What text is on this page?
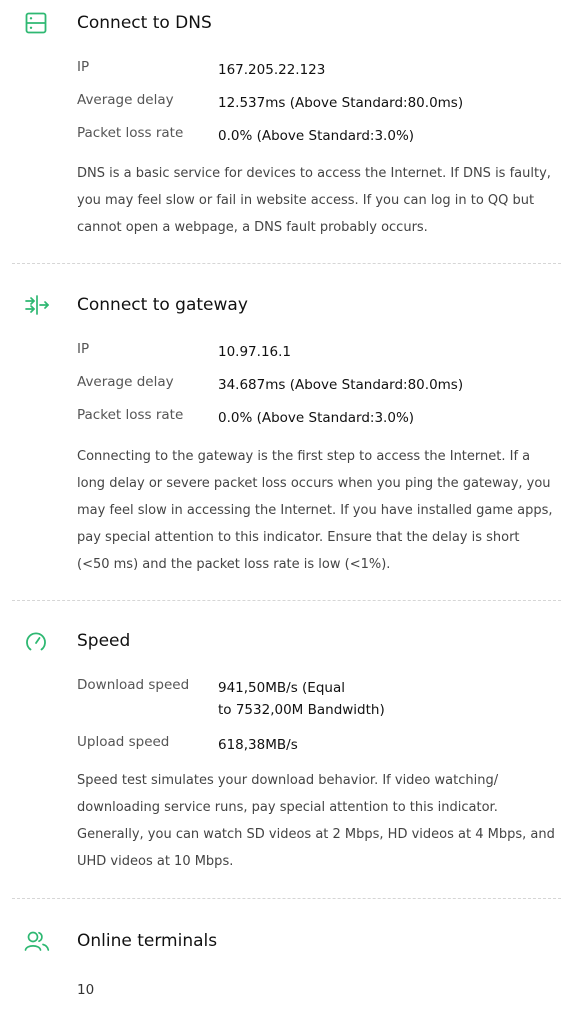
Connect to DNS
IP	167.205.22.123
Average delay	12.537ms (Above Standard:80.0ms)
Packet loss rate	0.0% (Above Standard:3.0%)
DNS is a basic service for devices to access the Internet. If DNS is faulty, you may feel slow or fail in website access. If you can log in to QQ but cannot open a webpage, a DNS fault probably occurs.
Connect to gateway
IP	10.97.16.1
Average delay	34.687ms (Above Standard:80.0ms)
Packet loss rate	0.0% (Above Standard:3.0%)
Connecting to the gateway is the first step to access the Internet. If a long delay or severe packet loss occurs when you ping the gateway, you may feel slow in accessing the Internet. If you have installed game apps, pay special attention to this indicator. Ensure that the delay is short (<50 ms) and the packet loss rate is low (<1%).
Speed
Download speed 941,50MB/s (Equal
to 7532,00M Bandwidth)
Upload speed	618,38MB/s
Speed test simulates your download behavior. If video watching/ downloading service runs, pay special attention to this indicator. Generally, you can watch SD videos at 2 Mbps, HD videos at 4 Mbps, and UHD videos at 10 Mbps.
Online terminals
10
